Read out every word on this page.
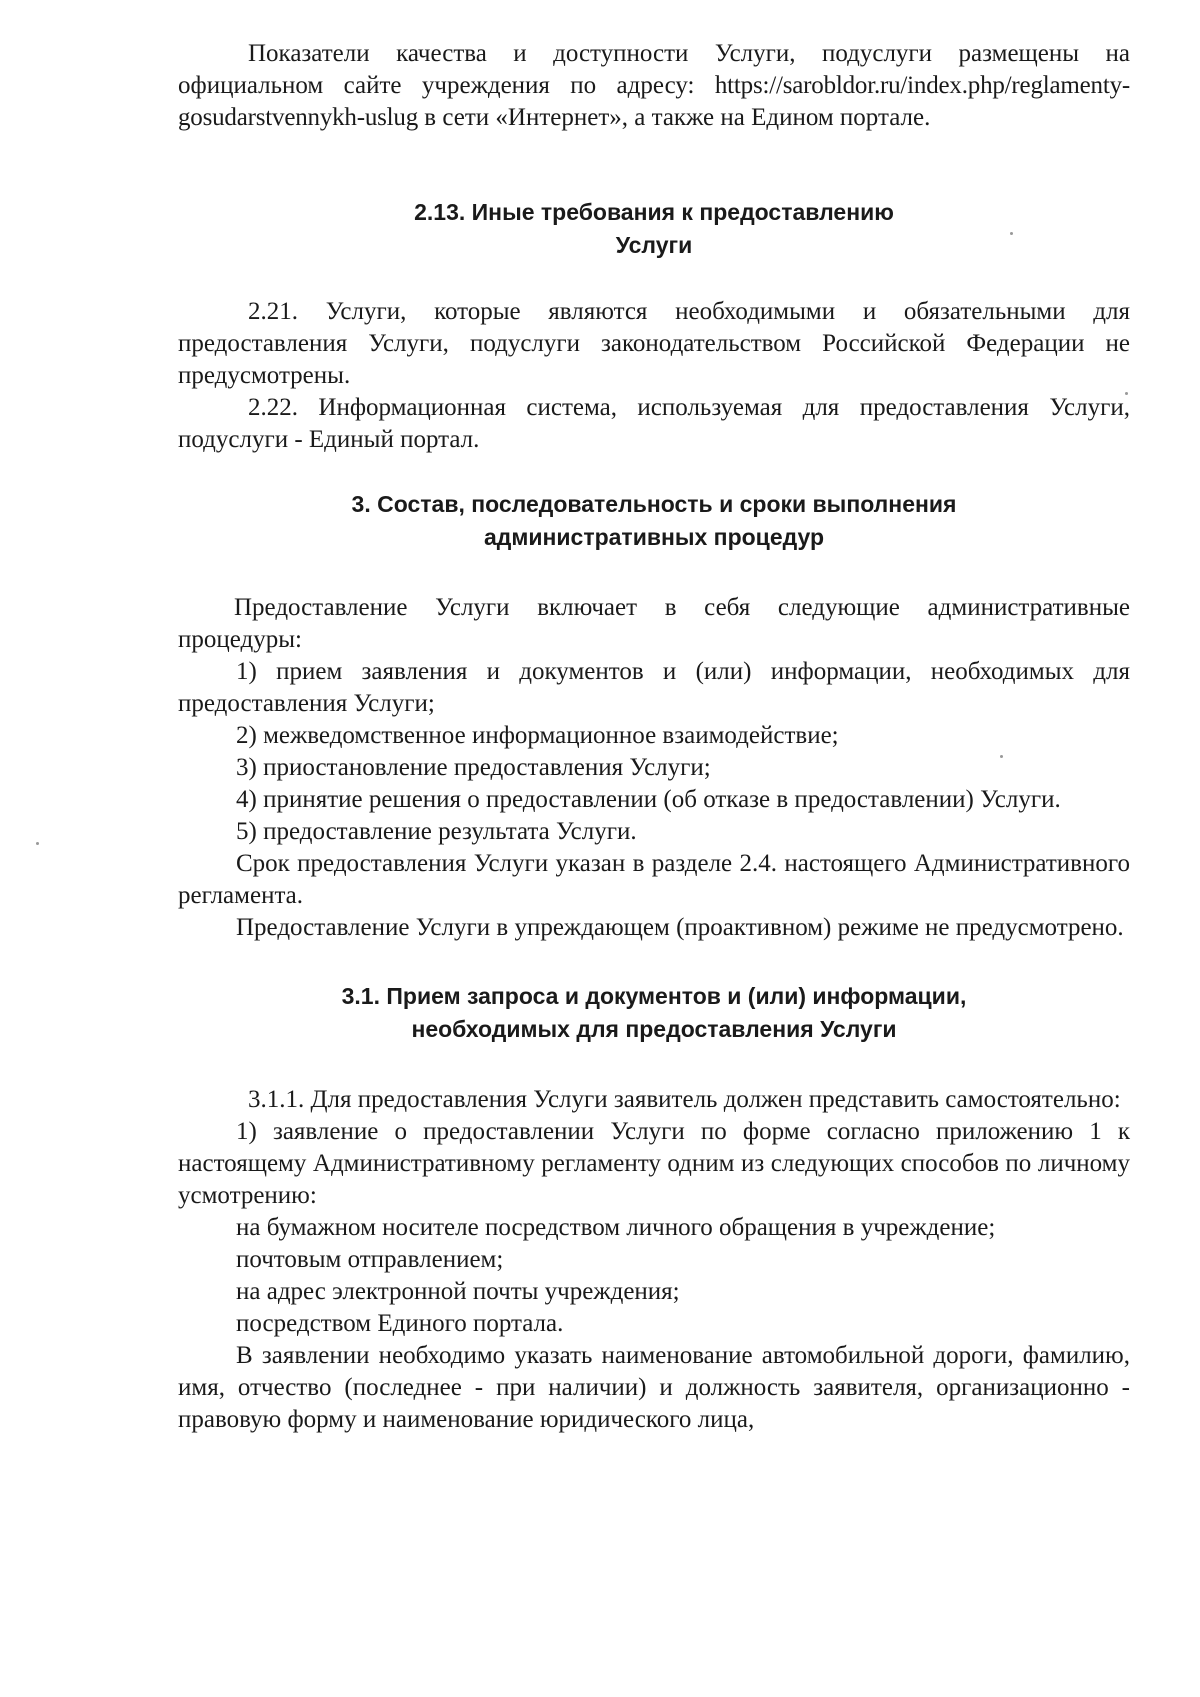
Показатели качества и доступности Услуги, подуслуги размещены на официальном сайте учреждения по адресу: https://sarobldor.ru/index.php/reglamenty-gosudarstvennykh-uslug в сети «Интернет», а также на Едином портале.

2.13. Иные требования к предоставлению
Услуги

2.21. Услуги, которые являются необходимыми и обязательными для предоставления Услуги, подуслуги законодательством Российской Федерации не предусмотрены.

2.22. Информационная система, используемая для предоставления Услуги, подуслуги - Единый портал.

3. Состав, последовательность и сроки выполнения
административных процедур

Предоставление Услуги включает в себя следующие административные процедуры:

1) прием заявления и документов и (или) информации, необходимых для предоставления Услуги;

2) межведомственное информационное взаимодействие;

3) приостановление предоставления Услуги;

4) принятие решения о предоставлении (об отказе в предоставлении) Услуги.

5) предоставление результата Услуги.

Срок предоставления Услуги указан в разделе 2.4. настоящего Административного регламента.

Предоставление Услуги в упреждающем (проактивном) режиме не предусмотрено.

3.1. Прием запроса и документов и (или) информации,
необходимых для предоставления Услуги

3.1.1. Для предоставления Услуги заявитель должен представить самостоятельно:

1) заявление о предоставлении Услуги по форме согласно приложению 1 к настоящему Административному регламенту одним из следующих способов по личному усмотрению:

на бумажном носителе посредством личного обращения в учреждение;

почтовым отправлением;

на адрес электронной почты учреждения;

посредством Единого портала.

В заявлении необходимо указать наименование автомобильной дороги, фамилию, имя, отчество (последнее - при наличии) и должность заявителя, организационно - правовую форму и наименование юридического лица,
